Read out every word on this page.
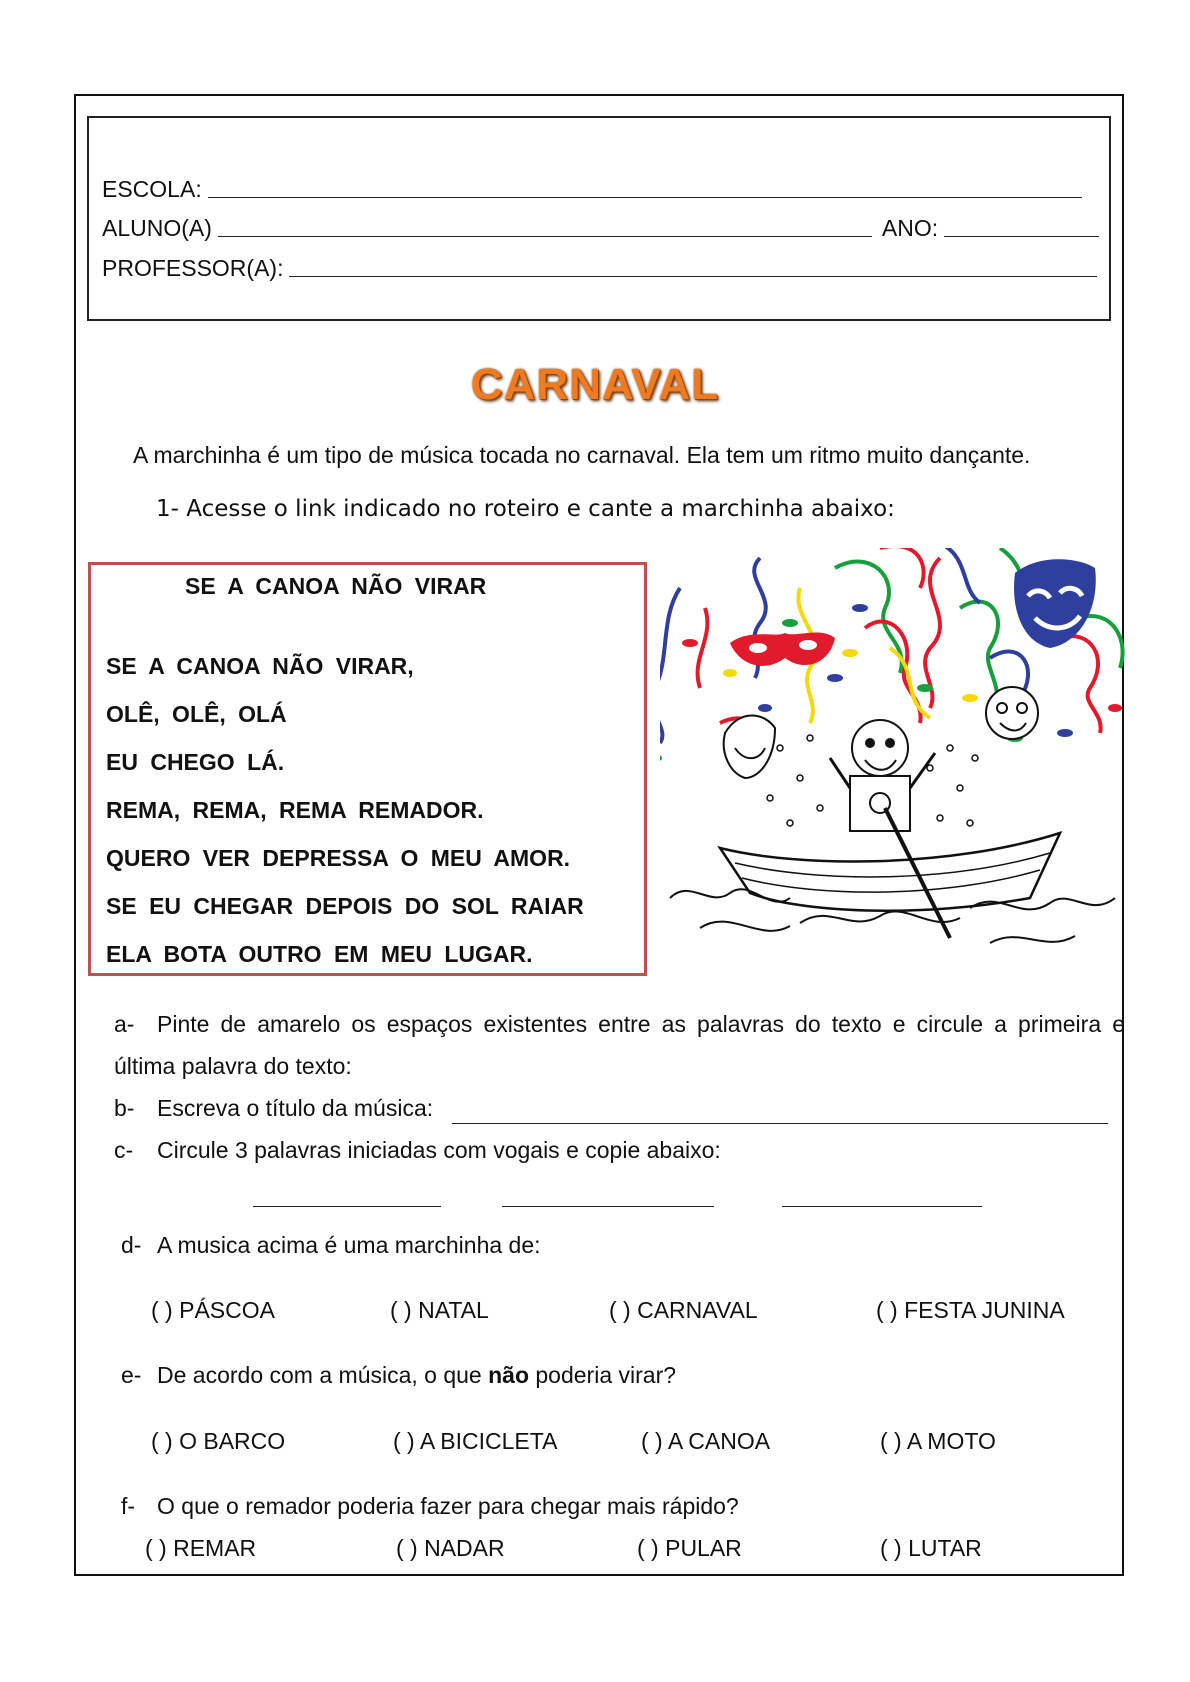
ESCOLA:
ALUNO(A)	ANO:
PROFESSOR(A):
CARNAVAL
A marchinha é um tipo de música tocada no carnaval. Ela tem um ritmo muito dançante.
1- Acesse o link indicado no roteiro e cante a marchinha abaixo:
SE A CANOA NÃO VIRAR
SE A CANOA NÃO VIRAR,
OLÊ, OLÊ, OLÁ
EU CHEGO LÁ.
REMA, REMA, REMA REMADOR.
QUERO VER DEPRESSA O MEU AMOR.
SE EU CHEGAR DEPOIS DO SOL RAIAR
ELA BOTA OUTRO EM MEU LUGAR.
a- Pinte de amarelo os espaços existentes entre as palavras do texto e circule a primeira e
última palavra do texto:
b- Escreva o título da música:
c- Circule 3 palavras iniciadas com vogais e copie abaixo:
d- A musica acima é uma marchinha de:
( ) PÁSCOA	( ) NATAL	( ) CARNAVAL	( ) FESTA JUNINA
e- De acordo com a música, o que não poderia virar?
( ) O BARCO	( ) A BICICLETA	( ) A CANOA	( ) A MOTO
f- O que o remador poderia fazer para chegar mais rápido?
( ) REMAR	( ) NADAR	( ) PULAR	( ) LUTAR
